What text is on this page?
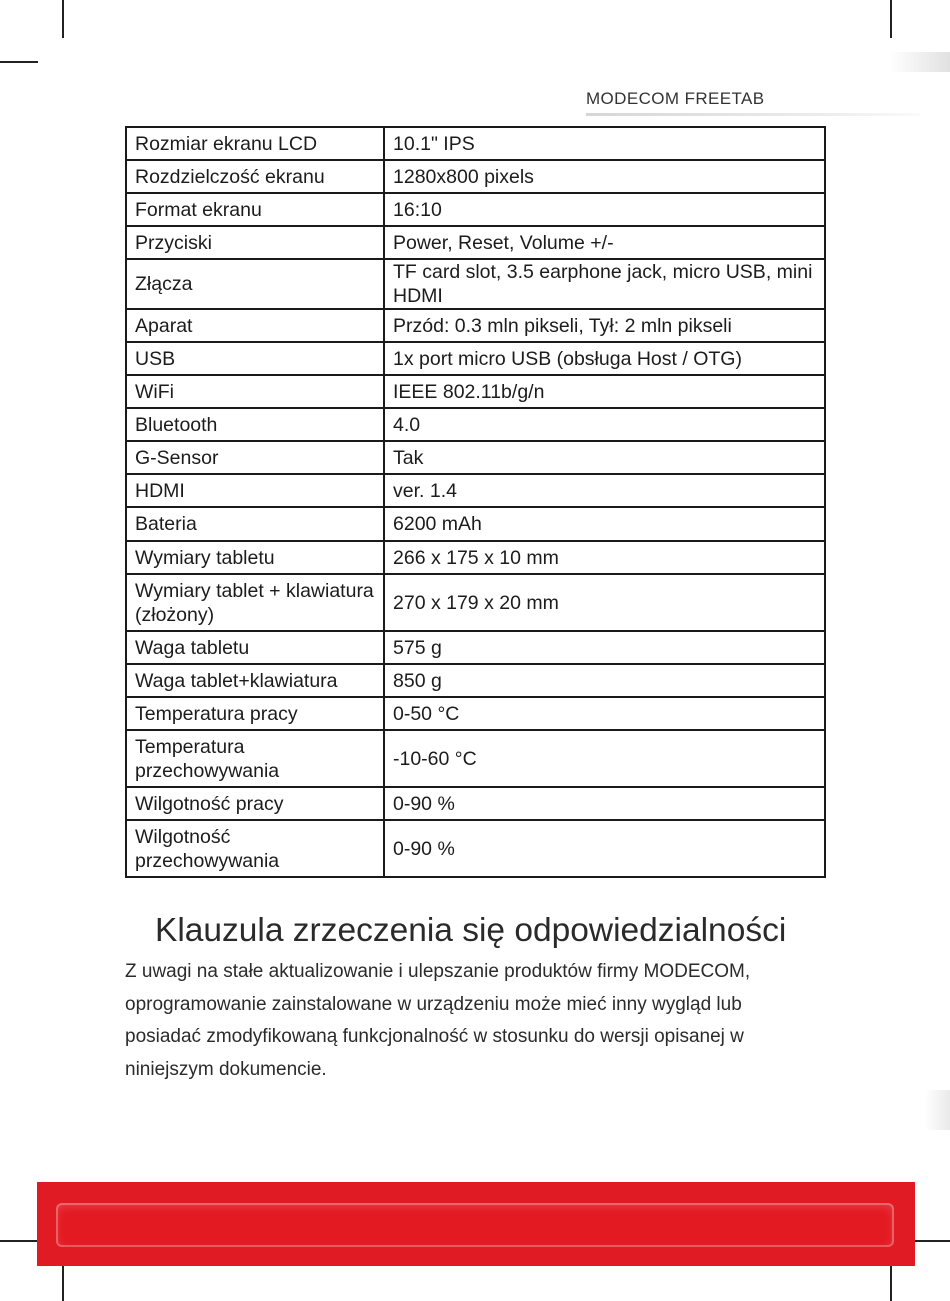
MODECOM FREETAB
Rozmiar ekranu LCD	10.1" IPS
Rozdzielczość ekranu	1280x800 pixels
Format ekranu	16:10
Przyciski	Power, Reset, Volume +/-
Złącza	TF card slot, 3.5 earphone jack, micro USB, mini HDMI
Aparat	Przód: 0.3 mln pikseli, Tył: 2 mln pikseli
USB	1x port micro USB (obsługa Host / OTG)
WiFi	IEEE 802.11b/g/n
Bluetooth	4.0
G-Sensor	Tak
HDMI	ver. 1.4
Bateria	6200 mAh
Wymiary tabletu	266 x 175 x 10 mm
Wymiary tablet + klawiatura (złożony)	270 x 179 x 20 mm
Waga tabletu	575 g
Waga tablet+klawiatura	850 g
Temperatura pracy	0-50 °C
Temperatura przechowywania	-10-60 °C
Wilgotność pracy	0-90 %
Wilgotność przechowywania	0-90 %
Klauzula zrzeczenia się odpowiedzialności

Z uwagi na stałe aktualizowanie i ulepszanie produktów firmy MODECOM, oprogramowanie zainstalowane w urządzeniu może mieć inny wygląd lub posiadać zmodyfikowaną funkcjonalność w stosunku do wersji opisanej w niniejszym dokumencie.
